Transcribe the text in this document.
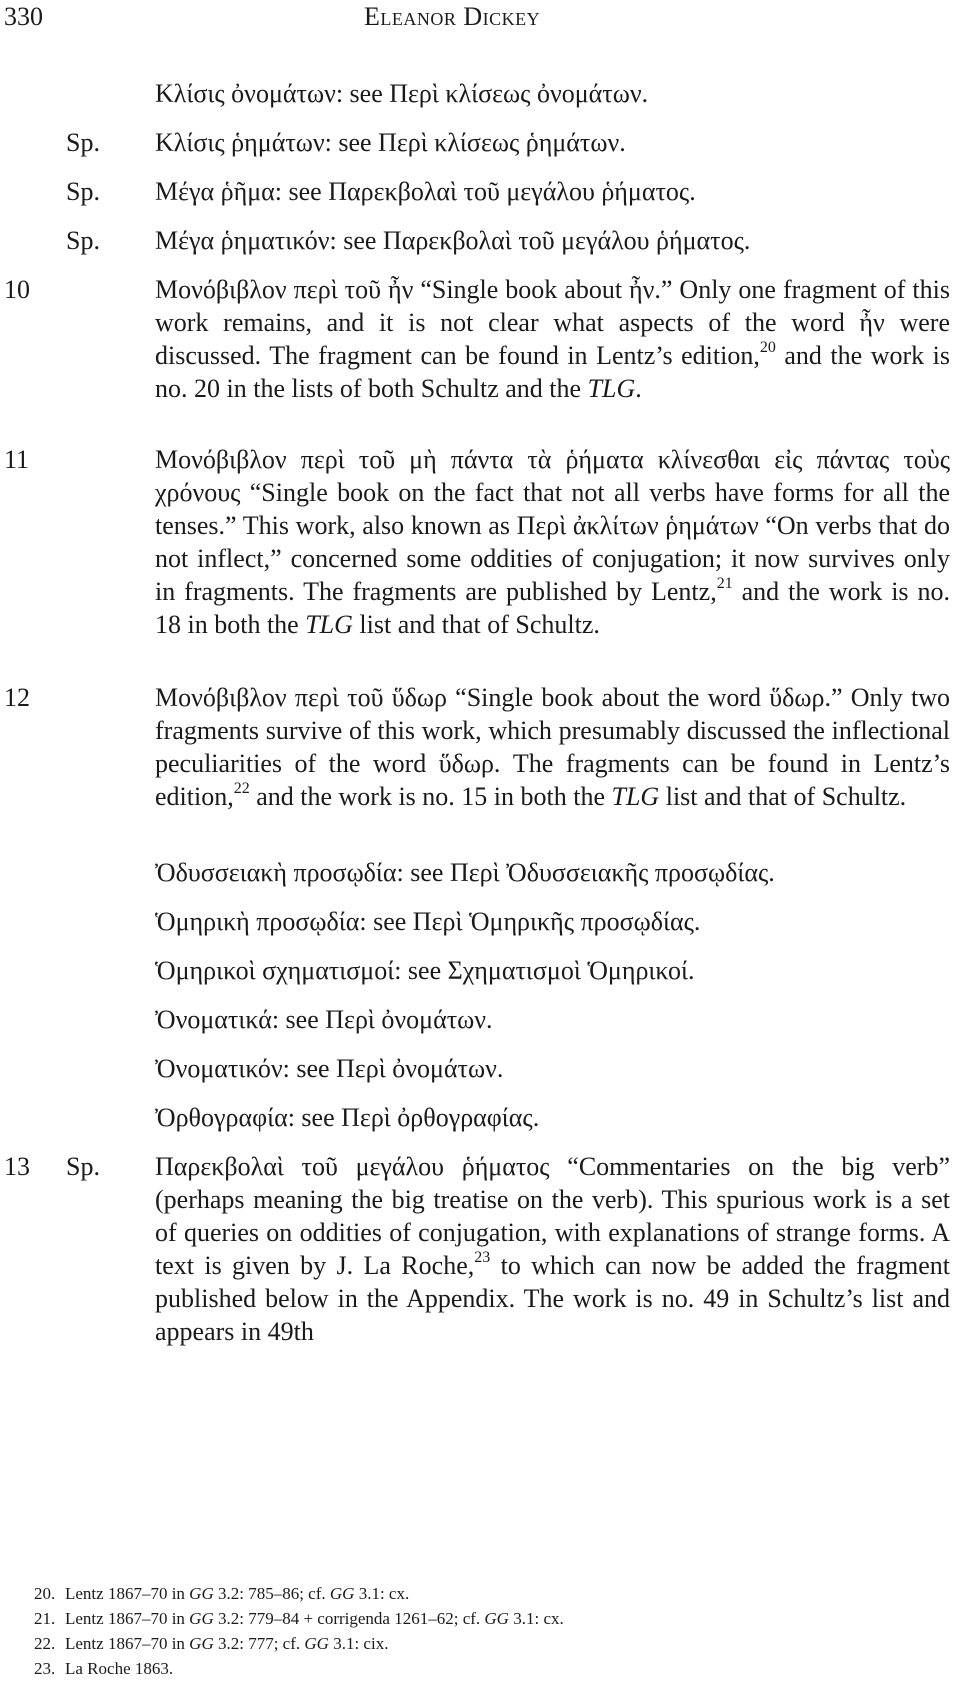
330	Eleanor Dickey
Κλίσις ὀνομάτων: see Περὶ κλίσεως ὀνομάτων.
Sp. Κλίσις ῥημάτων: see Περὶ κλίσεως ῥημάτων.
Sp. Μέγα ῥῆμα: see Παρεκβολαὶ τοῦ μεγάλου ῥήματος.
Sp. Μέγα ῥηματικόν: see Παρεκβολαὶ τοῦ μεγάλου ῥήματος.
10	Μονόβιβλον περὶ τοῦ ἦν “Single book about ἦν.” Only one fragment of this work remains, and it is not clear what aspects of the word ἦν were discussed. The fragment can be found in Lentz’s edition,$^{20}$ and the work is no. 20 in the lists of both Schultz and the TLG.
11	Μονόβιβλον περὶ τοῦ μὴ πάντα τὰ ῥήματα κλίνεσθαι εἰς πάντας τοὺς χρόνους “Single book on the fact that not all verbs have forms for all the tenses.” This work, also known as Περὶ ἀκλίτων ῥημάτων “On verbs that do not inflect,” concerned some oddities of conjugation; it now survives only in fragments. The fragments are published by Lentz,$^{21}$ and the work is no. 18 in both the TLG list and that of Schultz.
12	Μονόβιβλον περὶ τοῦ ὕδωρ “Single book about the word ὕδωρ.” Only two fragments survive of this work, which presumably discussed the inflectional peculiarities of the word ὕδωρ. The fragments can be found in Lentz’s edition,$^{22}$ and the work is no. 15 in both the TLG list and that of Schultz.
Ὀδυσσειακὴ προσῳδία: see Περὶ Ὀδυσσειακῆς προσῳδίας.
Ὁμηρικὴ προσῳδία: see Περὶ Ὁμηρικῆς προσῳδίας.
Ὁμηρικοὶ σχηματισμοί: see Σχηματισμοὶ Ὁμηρικοί.
Ὀνοματικά: see Περὶ ὀνομάτων.
Ὀνοματικόν: see Περὶ ὀνομάτων.
Ὀρθογραφία: see Περὶ ὀρθογραφίας.
13 Sp. Παρεκβολαὶ τοῦ μεγάλου ῥήματος “Commentaries on the big verb” (perhaps meaning the big treatise on the verb). This spurious work is a set of queries on oddities of conjugation, with explanations of strange forms. A text is given by J. La Roche,$^{23}$ to which can now be added the fragment published below in the Appendix. The work is no. 49 in Schultz’s list and appears in 49th
20. Lentz 1867–70 in GG 3.2: 785–86; cf. GG 3.1: cx.
21. Lentz 1867–70 in GG 3.2: 779–84 + corrigenda 1261–62; cf. GG 3.1: cx.
22. Lentz 1867–70 in GG 3.2: 777; cf. GG 3.1: cix.
23. La Roche 1863.
